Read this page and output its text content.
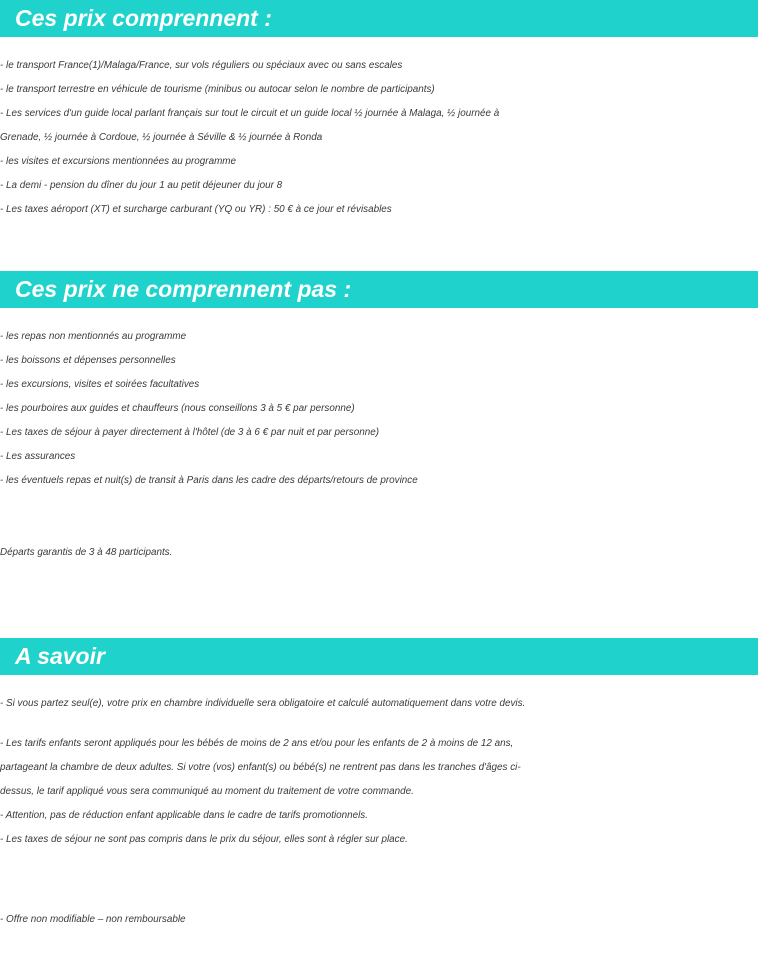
Ces prix comprennent :

- le transport France(1)/Malaga/France, sur vols réguliers ou spéciaux avec ou sans escales

- le transport terrestre en véhicule de tourisme (minibus ou autocar selon le nombre de participants)

- Les services d'un guide local parlant français sur tout le circuit et un guide local ½ journée à Malaga, ½ journée à

Grenade, ½ journée à Cordoue, ½ journée à Séville & ½ journée à Ronda

- les visites et excursions mentionnées au programme

- La demi - pension du dîner du jour 1 au petit déjeuner du jour 8

- Les taxes aéroport (XT) et surcharge carburant (YQ ou YR) : 50 € à ce jour et révisables

Ces prix ne comprennent pas :

- les repas non mentionnés au programme

- les boissons et dépenses personnelles

- les excursions, visites et soirées facultatives

- les pourboires aux guides et chauffeurs (nous conseillons 3 à 5 € par personne)

- Les taxes de séjour à payer directement à l'hôtel (de 3 à 6 € par nuit et par personne)

- Les assurances

- les éventuels repas et nuit(s) de transit à Paris dans les cadre des départs/retours de province

Départs garantis de 3 à 48 participants.

A savoir

- Si vous partez seul(e), votre prix en chambre individuelle sera obligatoire et calculé automatiquement dans votre devis.

- Les tarifs enfants seront appliqués pour les bébés de moins de 2 ans et/ou pour les enfants de 2 à moins de 12 ans,

partageant la chambre de deux adultes. Si votre (vos) enfant(s) ou bébé(s) ne rentrent pas dans les tranches d'âges ci-

dessus, le tarif appliqué vous sera communiqué au moment du traitement de votre commande.

- Attention, pas de réduction enfant applicable dans le cadre de tarifs promotionnels.

- Les taxes de séjour ne sont pas compris dans le prix du séjour, elles sont à régler sur place.

- Offre non modifiable – non remboursable
